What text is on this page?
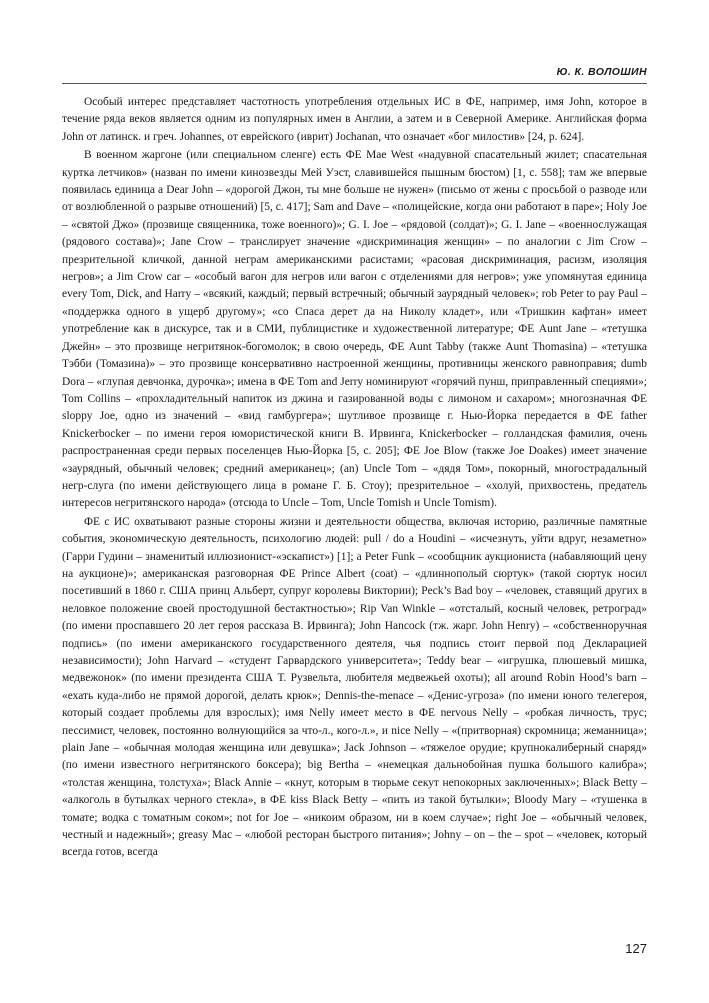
Ю. К. ВОЛОШИН

Особый интерес представляет частотность употребления отдельных ИС в ФЕ, например, имя John, которое в течение ряда веков является одним из популярных имен в Англии, а затем и в Северной Америке. Английская форма John от латинск. и греч. Johannes, от еврейского (иврит) Jochanan, что означает «бог милостив» [24, p. 624].

В военном жаргоне (или специальном сленге) есть ФЕ Mae West «надувной спасательный жилет; спасательная куртка летчиков» (назван по имени кинозвезды Мей Уэст, славившейся пышным бюстом) [1, с. 558]; там же впервые появилась единица a Dear John – «дорогой Джон, ты мне больше не нужен» (письмо от жены с просьбой о разводе или от возлюбленной о разрыве отношений) [5, с. 417]; Sam and Dave – «полицейские, когда они работают в паре»; Holy Joe – «святой Джо» (прозвище священника, тоже военного)»; G. I. Joe – «рядовой (солдат)»; G. I. Jane – «военнослужащая (рядового состава)»; Jane Crow – транслирует значение «дискриминация женщин» – по аналогии с Jim Crow – презрительной кличкой, данной неграм американскими расистами; «расовая дискриминация, расизм, изоляция негров»; a Jim Crow car – «особый вагон для негров или вагон с отделениями для негров»; уже упомянутая единица every Tom, Dick, and Harry – «всякий, каждый; первый встречный; обычный заурядный человек»; rob Peter to pay Paul – «поддержка одного в ущерб другому»; «со Спаса дерет да на Николу кладет», или «Тришкин кафтан» имеет употребление как в дискурсе, так и в СМИ, публицистике и художественной литературе; ФЕ Aunt Jane – «тетушка Джейн» – это прозвище негритянок-богомолок; в свою очередь, ФЕ Aunt Tabby (также Aunt Thomasina) – «тетушка Тэбби (Томазина)» – это прозвище консервативно настроенной женщины, противницы женского равноправия; dumb Dora – «глупая девчонка, дурочка»; имена в ФЕ Tom and Jerry номинируют «горячий пунш, приправленный специями»; Tom Collins – «прохладительный напиток из джина и газированной воды с лимоном и сахаром»; многозначная ФЕ sloppy Joe, одно из значений – «вид гамбургера»; шутливое прозвище г. Нью-Йорка передается в ФЕ father Knickerbocker – по имени героя юмористической книги В. Ирвинга, Knickerbocker – голландская фамилия, очень распространенная среди первых поселенцев Нью-Йорка [5, с. 205]; ФЕ Joe Blow (также Joe Doakes) имеет значение «заурядный, обычный человек; средний американец»; (an) Uncle Tom – «дядя Том», покорный, многострадальный негр-слуга (по имени действующего лица в романе Г. Б. Стоу); презрительное – «холуй, прихвостень, предатель интересов негритянского народа» (отсюда to Uncle – Tom, Uncle Tomish и Uncle Tomism).

ФЕ с ИС охватывают разные стороны жизни и деятельности общества, включая историю, различные памятные события, экономическую деятельность, психологию людей: pull / do a Houdini – «исчезнуть, уйти вдруг, незаметно» (Гарри Гудини – знаменитый иллюзионист-«эскапист») [1]; a Peter Funk – «сообщник аукциониста (набавляющий цену на аукционе)»; американская разговорная ФЕ Prince Albert (coat) – «длиннополый сюртук» (такой сюртук носил посетивший в 1860 г. США принц Альберт, супруг королевы Виктории); Peck’s Bad boy – «человек, ставящий других в неловкое положение своей простодушной бестактностью»; Rip Van Winkle – «отсталый, косный человек, ретроград» (по имени проспавшего 20 лет героя рассказа В. Ирвинга); John Hancock (тж. жарг. John Henry) – «собственноручная подпись» (по имени американского государственного деятеля, чья подпись стоит первой под Декларацией независимости); John Harvard – «студент Гарвардского университета»; Teddy bear – «игрушка, плюшевый мишка, медвежонок» (по имени президента США Т. Рузвельта, любителя медвежьей охоты); all around Robin Hood’s barn – «ехать куда-либо не прямой дорогой, делать крюк»; Dennis-the-menace – «Денис-угроза» (по имени юного телегероя, который создает проблемы для взрослых); имя Nelly имеет место в ФЕ nervous Nelly – «робкая личность, трус; пессимист, человек, постоянно волнующийся за что-л., кого-л.», и nice Nelly – «(притворная) скромница; жеманница»; plain Jane – «обычная молодая женщина или девушка»; Jack Johnson – «тяжелое орудие; крупнокалиберный снаряд» (по имени известного негритянского боксера); big Bertha – «немецкая дальнобойная пушка большого калибра»; «толстая женщина, толстуха»; Black Annie – «кнут, которым в тюрьме секут непокорных заключенных»; Black Betty – «алкоголь в бутылках черного стекла», в ФЕ kiss Black Betty – «пить из такой бутылки»; Bloody Mary – «тушенка в томате; водка с томатным соком»; not for Joe – «никоим образом, ни в коем случае»; right Joe – «обычный человек, честный и надежный»; greasy Mac – «любой ресторан быстрого питания»; Johny – on – the – spot – «человек, который всегда готов, всегда

127
